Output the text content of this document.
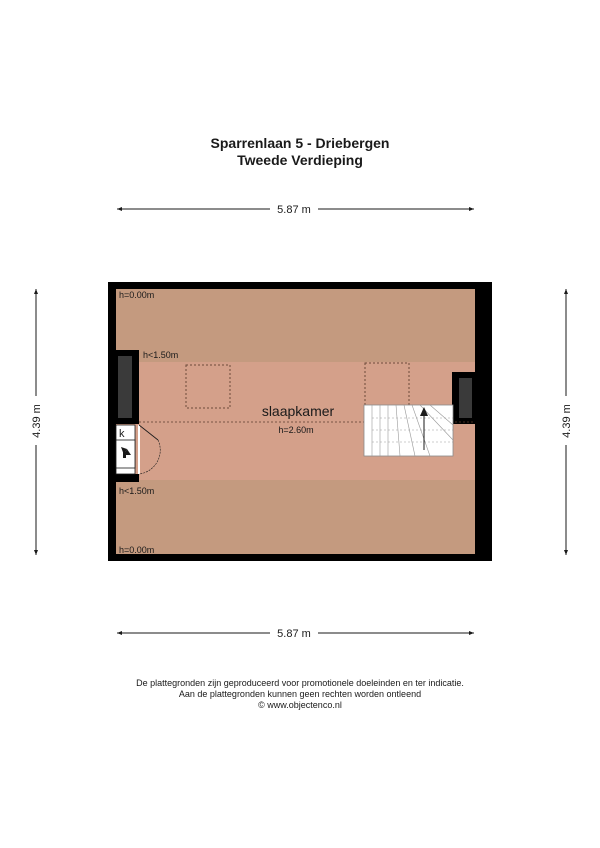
Sparrenlaan 5 - Driebergen
Tweede Verdieping
5.87 m
5.87 m
4.39 m	4.39 m
k
h=0.00m
h<1.50m
h<1.50m
h=0.00m
slaapkamer
h=2.60m
De plattegronden zijn geproduceerd voor promotionele doeleinden en ter indicatie.
Aan de plattegronden kunnen geen rechten worden ontleend
© www.objectenco.nl
